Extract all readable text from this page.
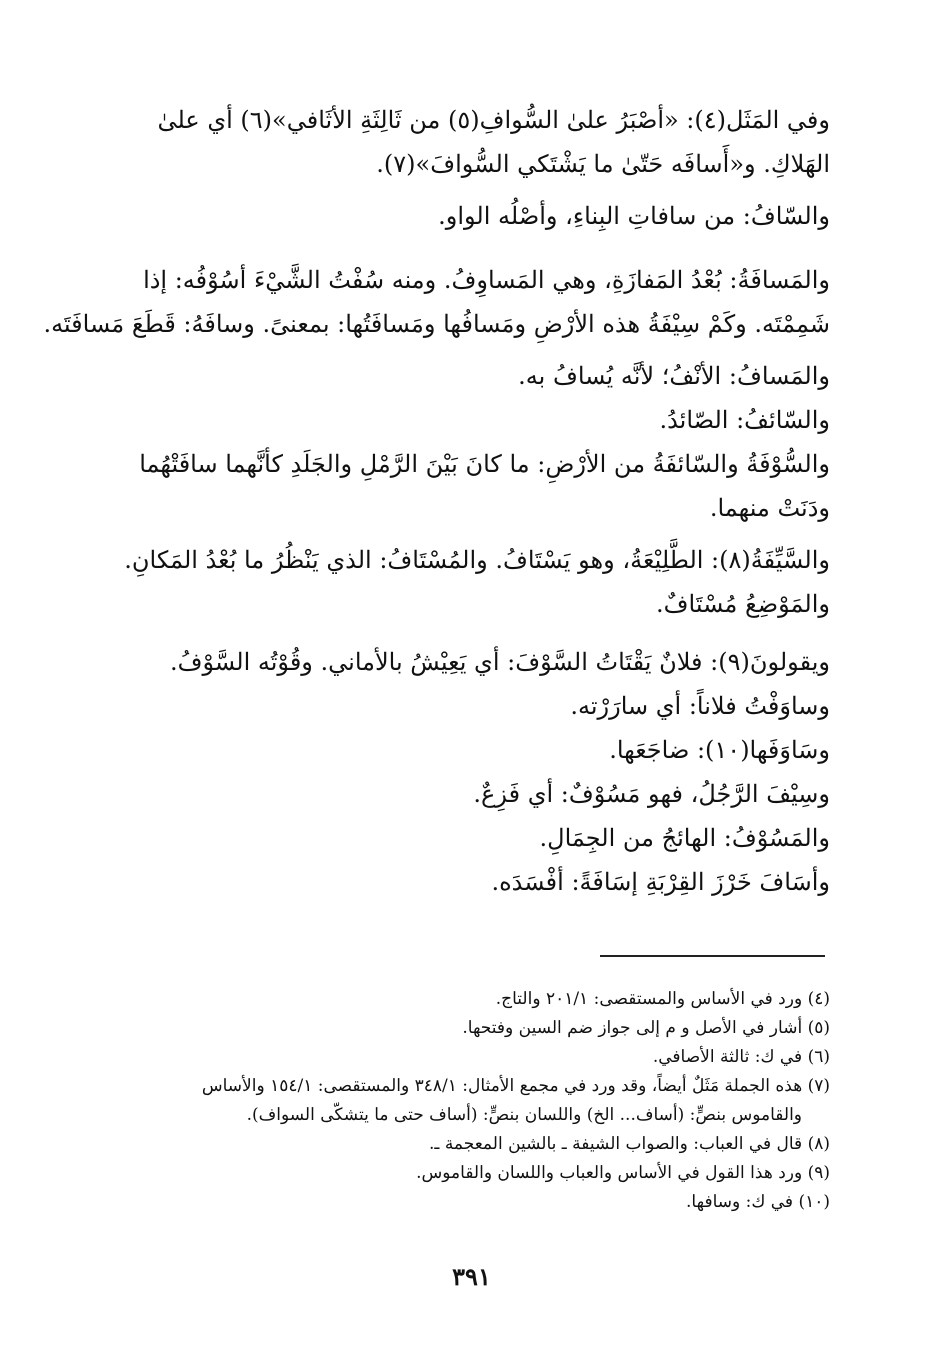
وفي المَثَل(٤): «أصْبَرُ علىٰ السُّوافِ(٥) من ثَالِثَةِ الأثَافي»(٦) أي علىٰ
الهَلاكِ. و«أَسافَه حَتّىٰ ما يَشْتَكي السُّوافَ»(٧).
والسّافُ: من سافاتِ البِناءِ، وأصْلُه الواو.
والمَسافَةُ: بُعْدُ المَفازَةِ، وهي المَساوِفُ. ومنه سُفْتُ الشَّيْءَ أسُوْفُه: إذا
شَمِمْتَه. وكَمْ سِيْفَةُ هذه الأرْضِ ومَسافُها ومَسافَتُها: بمعنىً. وسافَهُ: قَطَعَ مَسافَتَه.
والمَسافُ: الأنْفُ؛ لأنَّه يُسافُ به.
والسّائفُ: الصّائدُ.
والسُّوْفَةُ والسّائفَةُ من الأرْضِ: ما كانَ بَيْنَ الرَّمْلِ والجَلَدِ كأنَّهما سافَتْهُما
ودَنَتْ منهما.
والسَّيِّفَةُ(٨): الطَّلِيْعَةُ، وهو يَسْتَافُ. والمُسْتَافُ: الذي يَنْظُرُ ما بُعْدُ المَكانِ.
والمَوْضِعُ مُسْتَافٌ.
ويقولونَ(٩): فلانٌ يَقْتَاتُ السَّوْفَ: أي يَعِيْشُ بالأماني. وقُوْتُه السَّوْفُ.
وساوَفْتُ فلاناً: أي سارَرْته.
وسَاوَفَها(١٠): ضاجَعَها.
وسِيْفَ الرَّجُلُ، فهو مَسُوْفٌ: أي فَزِعٌ.
والمَسُوْفُ: الهائجُ من الجِمَالِ.
وأسَافَ خَرْزَ القِرْبَةِ إسَافَةً: أفْسَدَه.
(٤) ورد في الأساس والمستقصى: ٢٠١/١ والتاج.
(٥) أشار في الأصل و م إلى جواز ضم السين وفتحها.
(٦) في ك: ثالثة الأصافي.
(٧) هذه الجملة مَثَلٌ أيضاً، وقد ورد في مجمع الأمثال: ٣٤٨/١ والمستقصى: ١٥٤/١ والأساس
والقاموس بنصٍّ: (أساف... الخ) واللسان بنصٍّ: (أساف حتى ما يتشكّى السواف).
(٨) قال في العباب: والصواب الشيفة ـ بالشين المعجمة ـ.
(٩) ورد هذا القول في الأساس والعباب واللسان والقاموس.
(١٠) في ك: وسافها.
٣٩١
